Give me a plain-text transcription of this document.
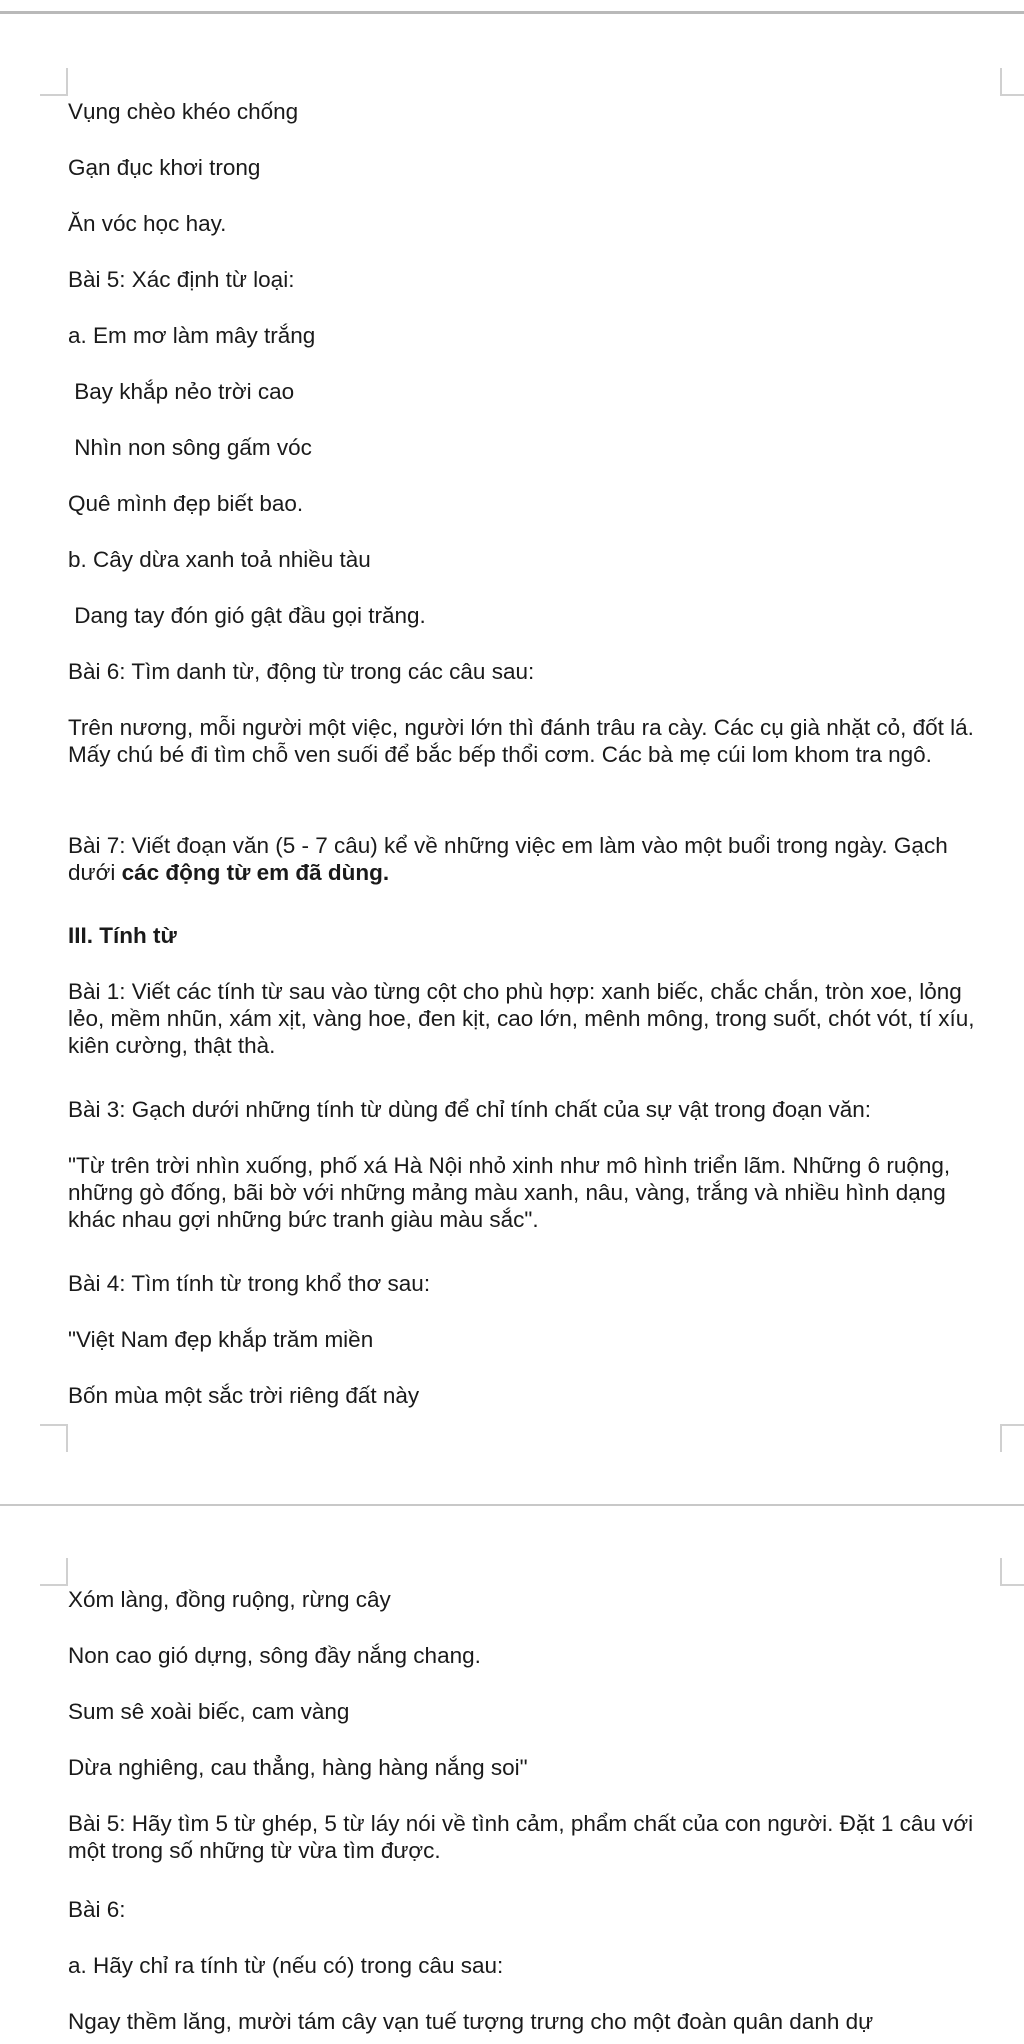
Vụng chèo khéo chống

Gạn đục khơi trong

Ăn vóc học hay.

Bài 5: Xác định từ loại:

a. Em mơ làm mây trắng

Bay khắp nẻo trời cao

Nhìn non sông gấm vóc

Quê mình đẹp biết bao.

b. Cây dừa xanh toả nhiều tàu

Dang tay đón gió gật đầu gọi trăng.

Bài 6: Tìm danh từ, động từ trong các câu sau:

Trên nương, mỗi người một việc, người lớn thì đánh trâu ra cày. Các cụ già nhặt cỏ, đốt lá. Mấy chú bé đi tìm chỗ ven suối để bắc bếp thổi cơm. Các bà mẹ cúi lom khom tra ngô.

Bài 7: Viết đoạn văn (5 - 7 câu) kể về những việc em làm vào một buổi trong ngày. Gạch dưới các động từ em đã dùng.

III. Tính từ

Bài 1: Viết các tính từ sau vào từng cột cho phù hợp: xanh biếc, chắc chắn, tròn xoe, lỏng lẻo, mềm nhũn, xám xịt, vàng hoe, đen kịt, cao lớn, mênh mông, trong suốt, chót vót, tí xíu, kiên cường, thật thà.

Bài 3: Gạch dưới những tính từ dùng để chỉ tính chất của sự vật trong đoạn văn:

"Từ trên trời nhìn xuống, phố xá Hà Nội nhỏ xinh như mô hình triển lãm. Những ô ruộng, những gò đống, bãi bờ với những mảng màu xanh, nâu, vàng, trắng và nhiều hình dạng khác nhau gợi những bức tranh giàu màu sắc".

Bài 4: Tìm tính từ trong khổ thơ sau:

"Việt Nam đẹp khắp trăm miền

Bốn mùa một sắc trời riêng đất này

Xóm làng, đồng ruộng, rừng cây

Non cao gió dựng, sông đầy nắng chang.

Sum sê xoài biếc, cam vàng

Dừa nghiêng, cau thẳng, hàng hàng nắng soi"

Bài 5: Hãy tìm 5 từ ghép, 5 từ láy nói về tình cảm, phẩm chất của con người. Đặt 1 câu với một trong số những từ vừa tìm được.

Bài 6:

a. Hãy chỉ ra tính từ (nếu có) trong câu sau:

Ngay thềm lăng, mười tám cây vạn tuế tượng trưng cho một đoàn quân danh dự
